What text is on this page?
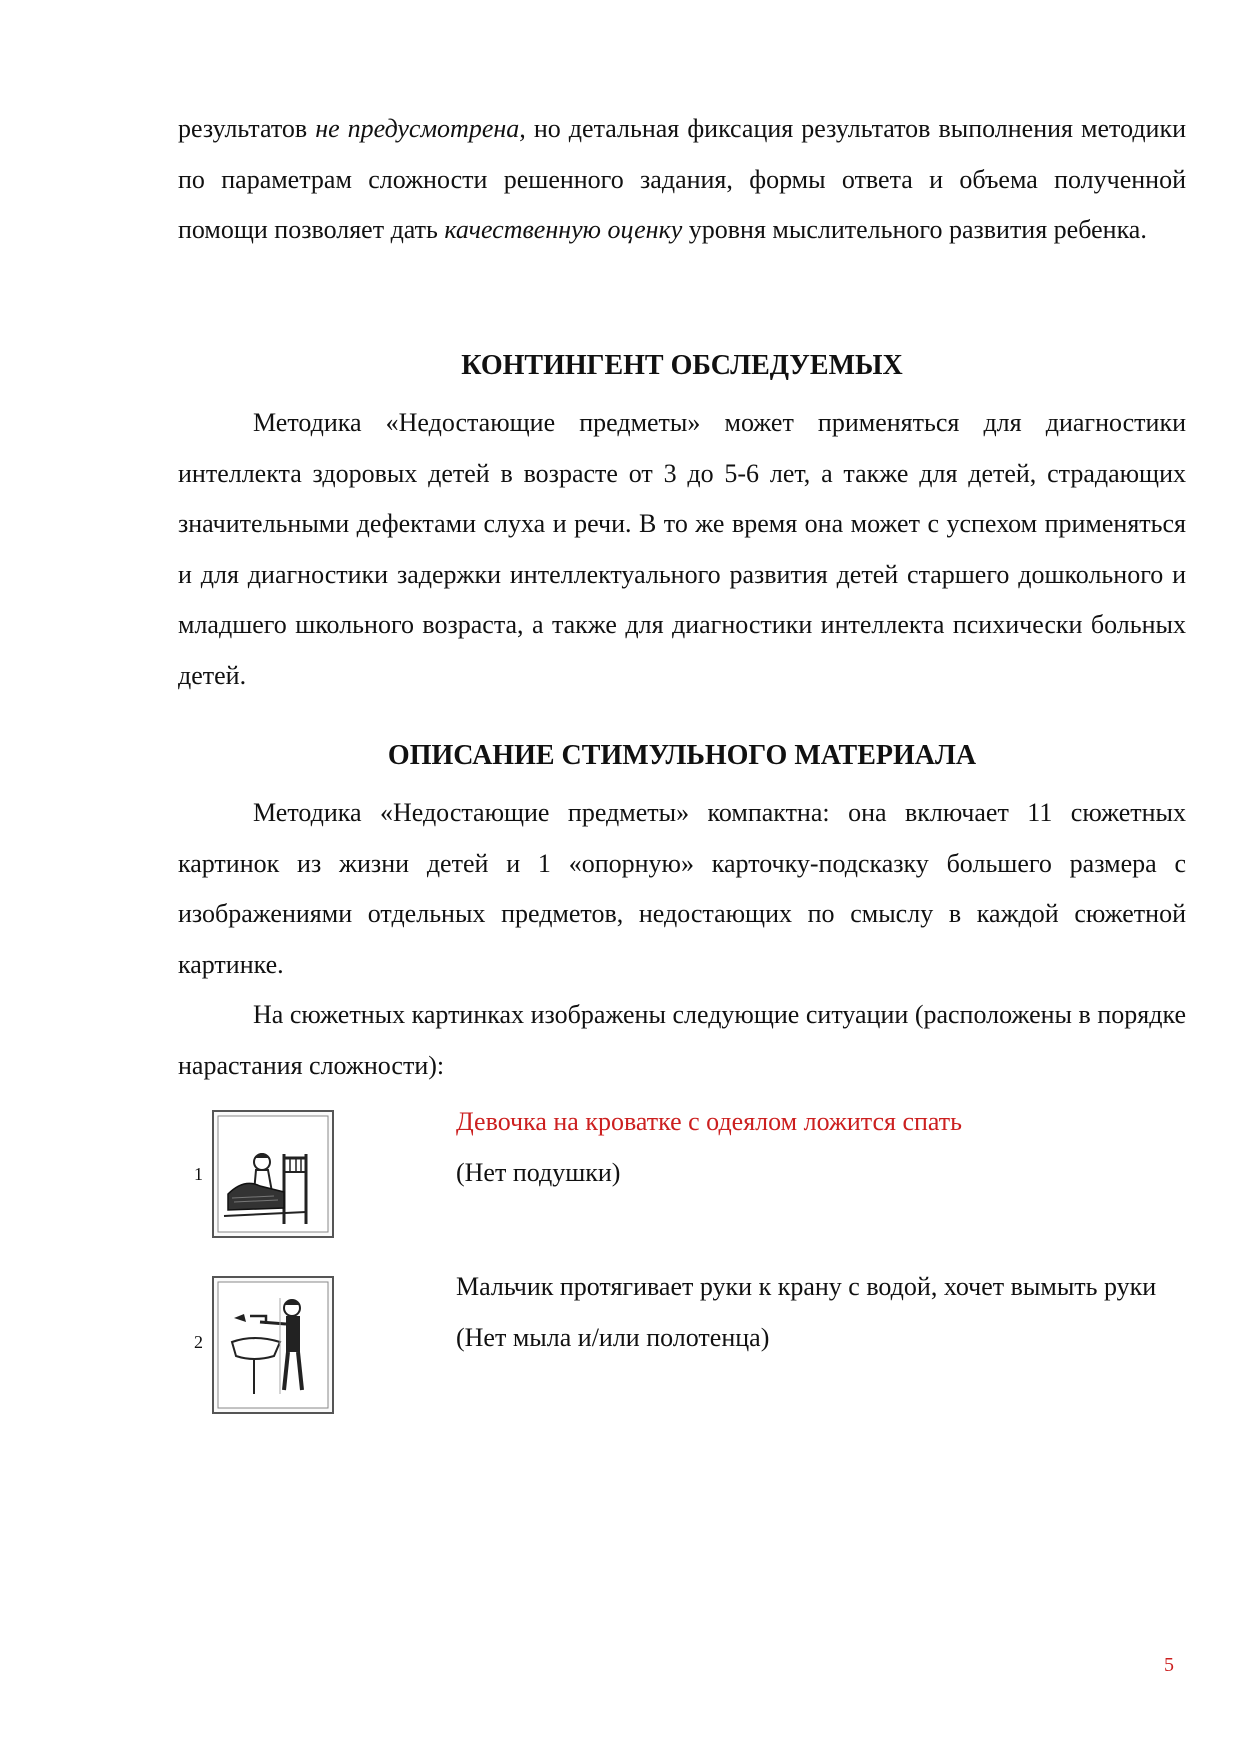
результатов не предусмотрена, но детальная фиксация результатов выполнения методики по параметрам сложности решенного задания, формы ответа и объема полученной помощи позволяет дать качественную оценку уровня мыслительного развития ребенка.

КОНТИНГЕНТ ОБСЛЕДУЕМЫХ

Методика «Недостающие предметы» может применяться для диагностики интеллекта здоровых детей в возрасте от 3 до 5-6 лет, а также для детей, страдающих значительными дефектами слуха и речи. В то же время она может с успехом применяться и для диагностики задержки интеллектуального развития детей старшего дошкольного и младшего школьного возраста, а также для диагностики интеллекта психически больных детей.

ОПИСАНИЕ СТИМУЛЬНОГО МАТЕРИАЛА

Методика «Недостающие предметы» компактна: она включает 11 сюжетных картинок из жизни детей и 1 «опорную» карточку-подсказку большего размера с изображениями отдельных предметов, недостающих по смыслу в каждой сюжетной картинке.

На сюжетных картинках изображены следующие ситуации (расположены в порядке нарастания сложности):

1

Девочка на кроватке с одеялом ложится спать

(Нет подушки)

2

Мальчик протягивает руки к крану с водой, хочет вымыть руки

(Нет мыла и/или полотенца)

5
